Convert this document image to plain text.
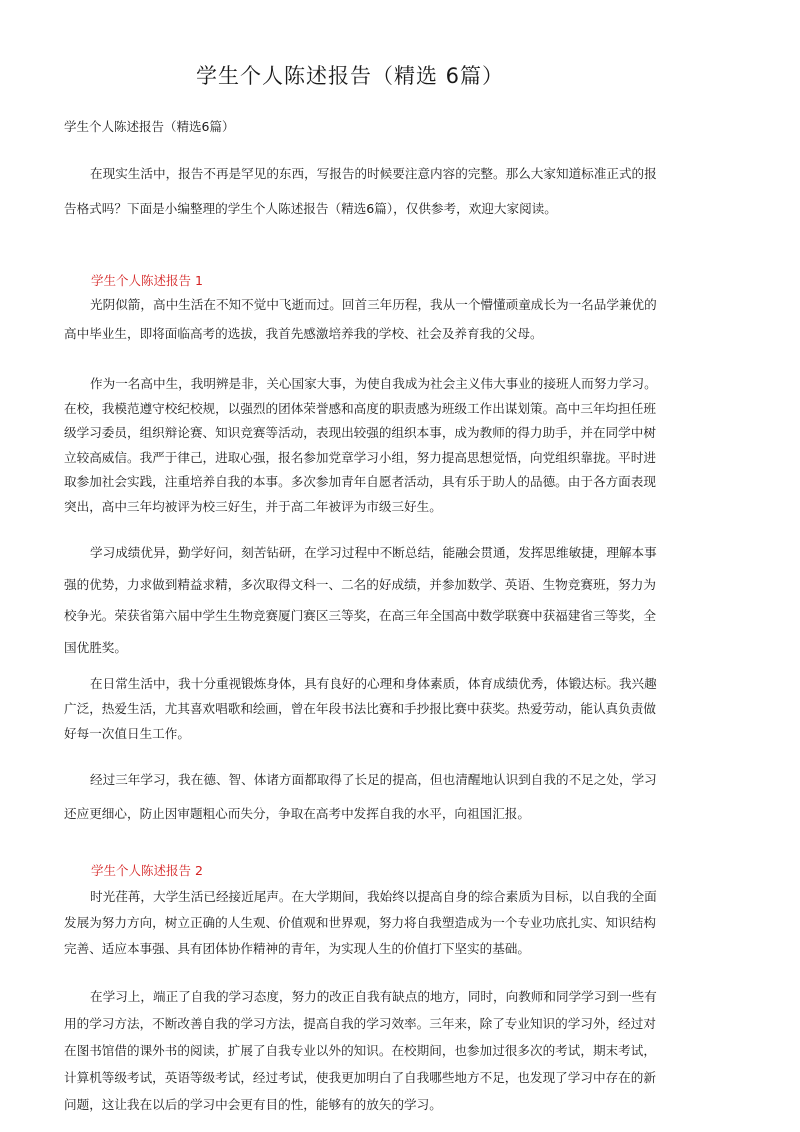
学生个人陈述报告（精选 6篇）
学生个人陈述报告（精选6篇）

在现实生活中，报告不再是罕见的东西，写报告的时候要注意内容的完整。那么大家知道标准正式的报告格式吗？下面是小编整理的学生个人陈述报告（精选6篇），仅供参考，欢迎大家阅读。

学生个人陈述报告 1

光阴似箭，高中生活在不知不觉中飞逝而过。回首三年历程，我从一个懵懂顽童成长为一名品学兼优的高中毕业生，即将面临高考的选拔，我首先感激培养我的学校、社会及养育我的父母。

作为一名高中生，我明辨是非，关心国家大事，为使自我成为社会主义伟大事业的接班人而努力学习。在校，我模范遵守校纪校规，以强烈的团体荣誉感和高度的职责感为班级工作出谋划策。高中三年均担任班级学习委员，组织辩论赛、知识竞赛等活动，表现出较强的组织本事，成为教师的得力助手，并在同学中树立较高威信。我严于律己，进取心强，报名参加党章学习小组，努力提高思想觉悟，向党组织靠拢。平时进取参加社会实践，注重培养自我的本事。多次参加青年自愿者活动，具有乐于助人的品德。由于各方面表现突出，高中三年均被评为校三好生，并于高二年被评为市级三好生。

学习成绩优异，勤学好问，刻苦钻研，在学习过程中不断总结，能融会贯通，发挥思维敏捷，理解本事强的优势，力求做到精益求精，多次取得文科一、二名的好成绩，并参加数学、英语、生物竞赛班，努力为校争光。荣获省第六届中学生生物竞赛厦门赛区三等奖，在高三年全国高中数学联赛中获福建省三等奖，全国优胜奖。

在日常生活中，我十分重视锻炼身体，具有良好的心理和身体素质，体育成绩优秀，体锻达标。我兴趣广泛，热爱生活，尤其喜欢唱歌和绘画，曾在年段书法比赛和手抄报比赛中获奖。热爱劳动，能认真负责做好每一次值日生工作。

经过三年学习，我在德、智、体诸方面都取得了长足的提高，但也清醒地认识到自我的不足之处，学习还应更细心，防止因审题粗心而失分，争取在高考中发挥自我的水平，向祖国汇报。

学生个人陈述报告 2

时光荏苒，大学生活已经接近尾声。在大学期间，我始终以提高自身的综合素质为目标，以自我的全面发展为努力方向，树立正确的人生观、价值观和世界观，努力将自我塑造成为一个专业功底扎实、知识结构完善、适应本事强、具有团体协作精神的青年，为实现人生的价值打下坚实的基础。

在学习上，端正了自我的学习态度，努力的改正自我有缺点的地方，同时，向教师和同学学习到一些有用的学习方法，不断改善自我的学习方法，提高自我的学习效率。三年来，除了专业知识的学习外，经过对在图书馆借的课外书的阅读，扩展了自我专业以外的知识。在校期间，也参加过很多次的考试，期末考试，计算机等级考试，英语等级考试，经过考试，使我更加明白了自我哪些地方不足，也发现了学习中存在的新问题，这让我在以后的学习中会更有目的性，能够有的放矢的学习。
